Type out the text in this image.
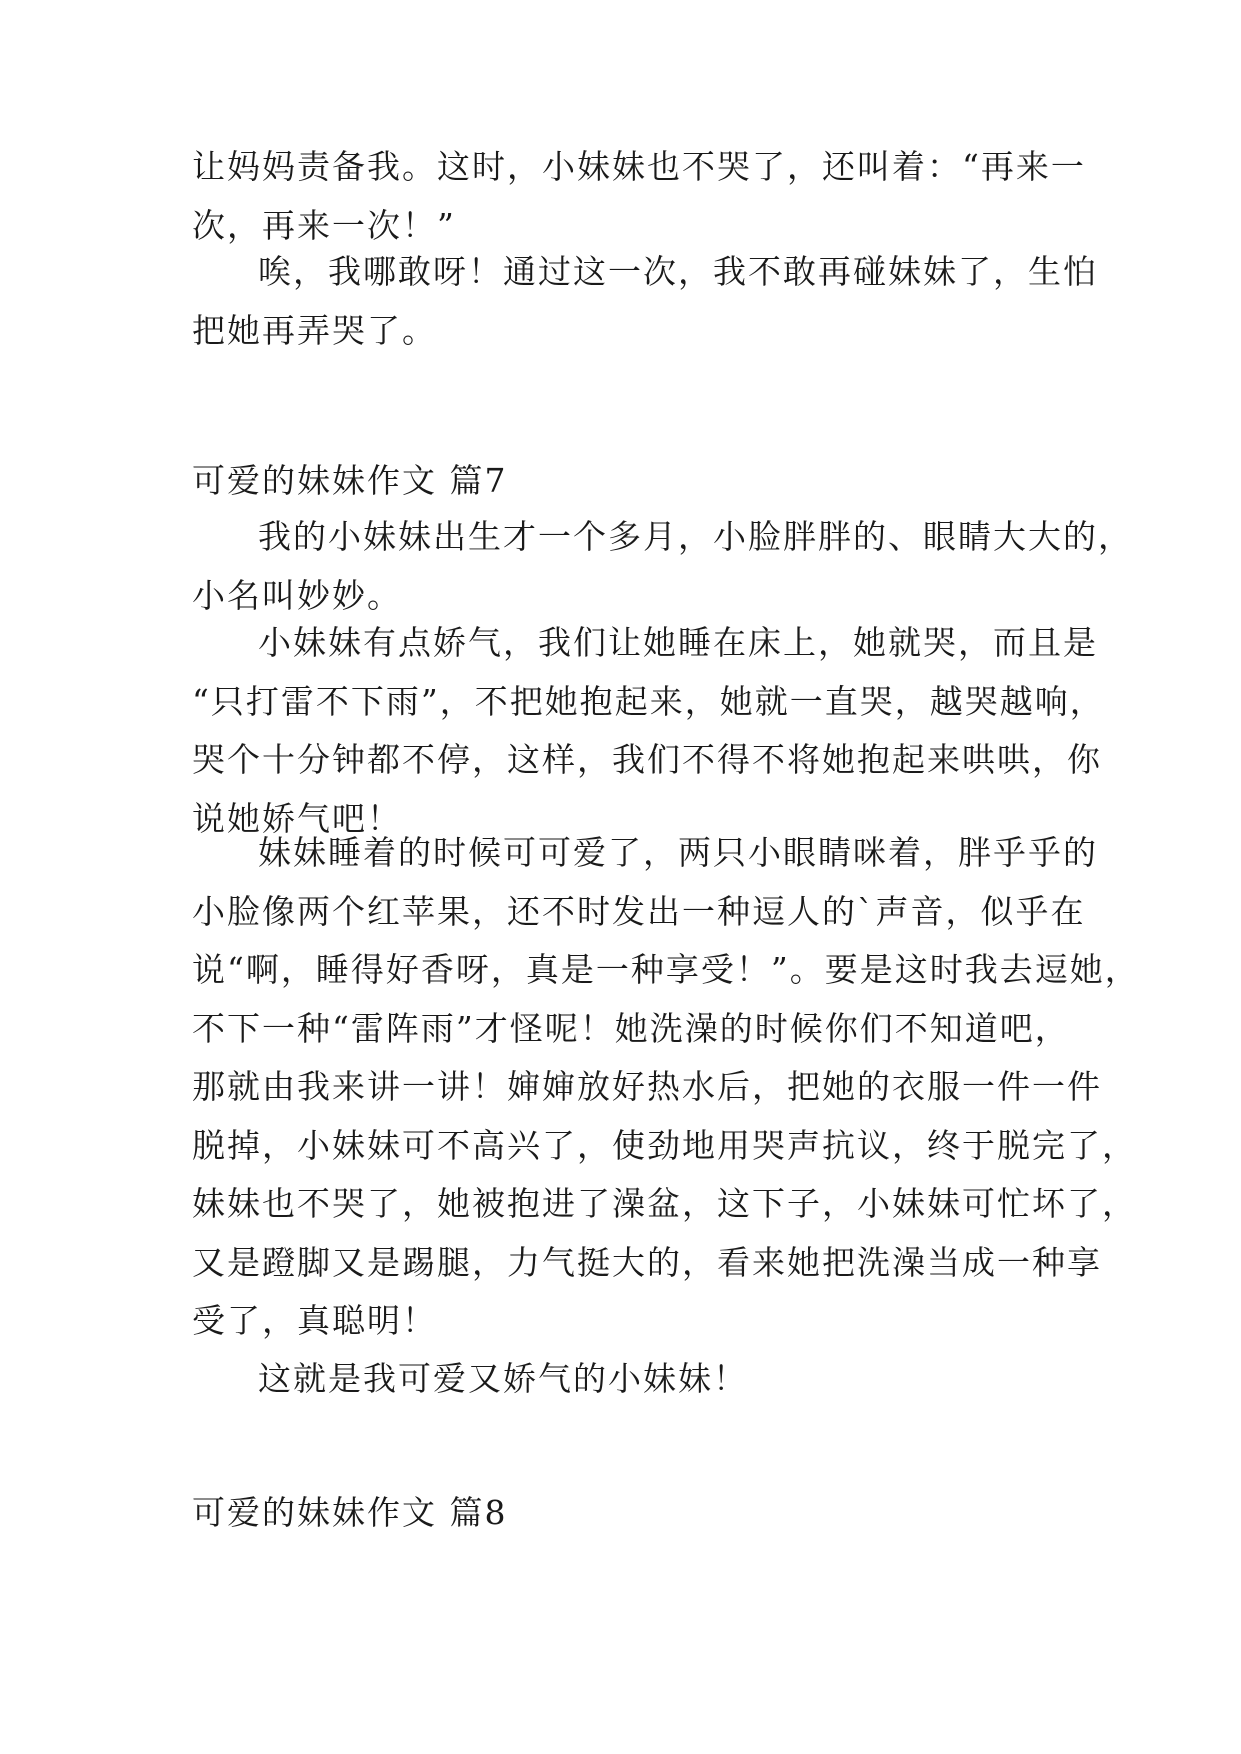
让妈妈责备我。这时，小妹妹也不哭了，还叫着：“再来一
次，再来一次！”
唉，我哪敢呀！通过这一次，我不敢再碰妹妹了，生怕
把她再弄哭了。
可爱的妹妹作文 篇7
我的小妹妹出生才一个多月，小脸胖胖的、眼睛大大的，
小名叫妙妙。
小妹妹有点娇气，我们让她睡在床上，她就哭，而且是
“只打雷不下雨”，不把她抱起来，她就一直哭，越哭越响，
哭个十分钟都不停，这样，我们不得不将她抱起来哄哄，你
说她娇气吧！
妹妹睡着的时候可可爱了，两只小眼睛咪着，胖乎乎的
小脸像两个红苹果，还不时发出一种逗人的`声音，似乎在
说“啊，睡得好香呀，真是一种享受！”。要是这时我去逗她，
不下一种“雷阵雨”才怪呢！她洗澡的时候你们不知道吧，
那就由我来讲一讲！婶婶放好热水后，把她的衣服一件一件
脱掉，小妹妹可不高兴了，使劲地用哭声抗议，终于脱完了，
妹妹也不哭了，她被抱进了澡盆，这下子，小妹妹可忙坏了，
又是蹬脚又是踢腿，力气挺大的，看来她把洗澡当成一种享
受了，真聪明！
这就是我可爱又娇气的小妹妹！
可爱的妹妹作文 篇8
